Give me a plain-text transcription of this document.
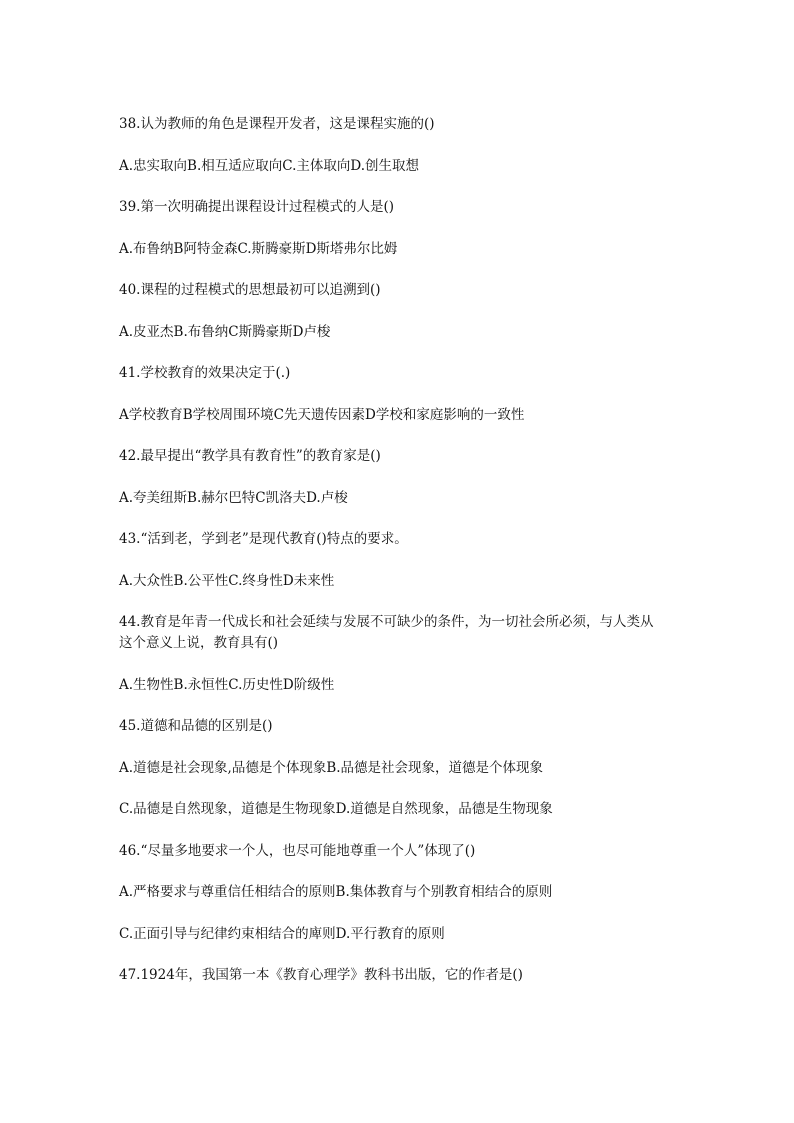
38.认为教师的角色是课程开发者，这是课程实施的()

A.忠实取向B.相互适应取向C.主体取向D.创生取想

39.第一次明确提出课程设计过程模式的人是()

A.布鲁纳B阿特金森C.斯腾豪斯D斯塔弗尔比姆

40.课程的过程模式的思想最初可以追溯到()

A.皮亚杰B.布鲁纳C斯腾豪斯D卢梭

41.学校教育的效果决定于(.)

A学校教育B学校周围环境C先天遗传因素D学校和家庭影响的一致性

42.最早提出“教学具有教育性”的教育家是()

A.夸美纽斯B.赫尔巴特C凯洛夫D.卢梭

43.“活到老，学到老”是现代教育()特点的要求。

A.大众性B.公平性C.终身性D未来性

44.教育是年青一代成长和社会延续与发展不可缺少的条件，为一切社会所必须，与人类从

这个意义上说，教育具有()

A.生物性B.永恒性C.历史性D阶级性

45.道德和品德的区别是()

A.道德是社会现象,品德是个体现象B.品德是社会现象，道德是个体现象

C.品德是自然现象，道德是生物现象D.道德是自然现象，品德是生物现象

46.“尽量多地要求一个人，也尽可能地尊重一个人”体现了()

A.严格要求与尊重信任相结合的原则B.集体教育与个别教育相结合的原则

C.正面引导与纪律约束相结合的庳则D.平行教育的原则

47.1924年，我国第一本《教育心理学》教科书出版，它的作者是()
